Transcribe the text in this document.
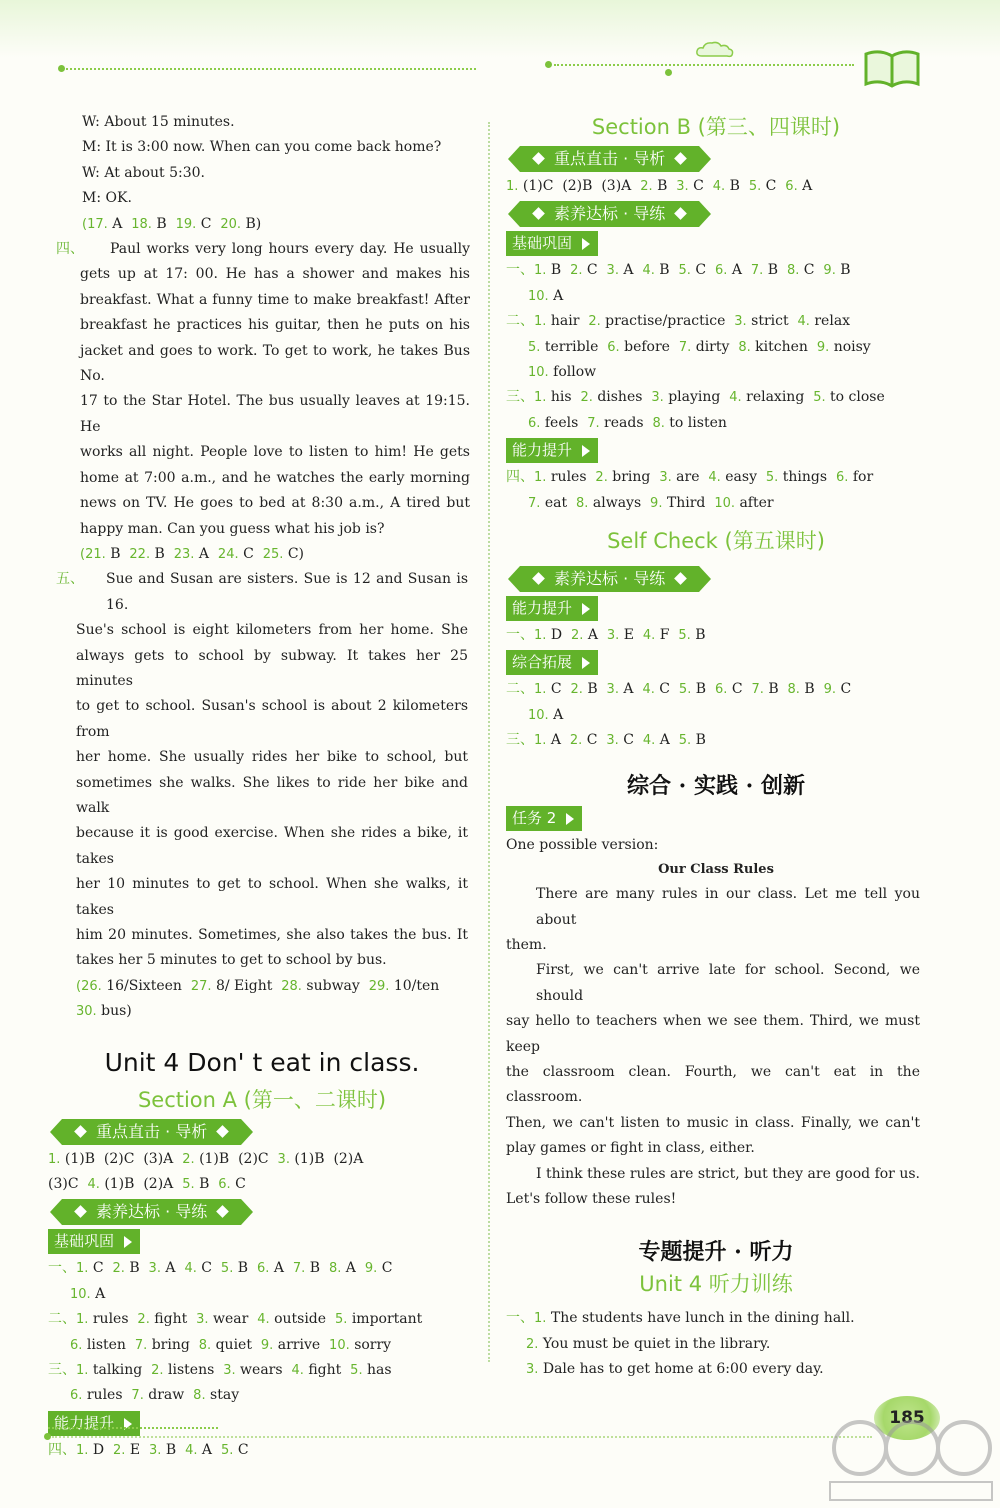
W: About 15 minutes.
M: It is 3:00 now. When can you come back home?
W: At about 5:30.
M: OK.
(17. A 18. B 19. C 20. B)
四、	Paul works very long hours every day. He usually
gets up at 17: 00. He has a shower and makes his
breakfast. What a funny time to make breakfast! After
breakfast he practices his guitar, then he puts on his
jacket and goes to work. To get to work, he takes Bus No.
17 to the Star Hotel. The bus usually leaves at 19:15. He
works all night. People love to listen to him! He gets
home at 7:00 a.m., and he watches the early morning
news on TV. He goes to bed at 8:30 a.m., A tired but
happy man. Can you guess what his job is?
(21. B 22. B 23. A 24. C 25. C)
五、	Sue and Susan are sisters. Sue is 12 and Susan is 16.
Sue's school is eight kilometers from her home. She
always gets to school by subway. It takes her 25 minutes
to get to school. Susan's school is about 2 kilometers from
her home. She usually rides her bike to school, but
sometimes she walks. She likes to ride her bike and walk
because it is good exercise. When she rides a bike, it takes
her 10 minutes to get to school. When she walks, it takes
him 20 minutes. Sometimes, she also takes the bus. It
takes her 5 minutes to get to school by bus.
(26. 16/Sixteen 27. 8/ Eight 28. subway 29. 10/ten
30. bus)
Unit 4 Don' t eat in class.
Section A (第一、二课时)
重点直击 · 导析
1. (1)B (2)C (3)A 2. (1)B (2)C 3. (1)B (2)A
(3)C 4. (1)B (2)A 5. B 6. C
素养达标 · 导练
基础巩固
一、1. C 2. B 3. A 4. C 5. B 6. A 7. B 8. A 9. C
10. A
二、1. rules 2. fight 3. wear 4. outside 5. important
6. listen 7. bring 8. quiet 9. arrive 10. sorry
三、1. talking 2. listens 3. wears 4. fight 5. has
6. rules 7. draw 8. stay
能力提升
四、1. D 2. E 3. B 4. A 5. C
Section B (第三、四课时)
重点直击 · 导析
1. (1)C (2)B (3)A 2. B 3. C 4. B 5. C 6. A
素养达标 · 导练
基础巩固
一、1. B 2. C 3. A 4. B 5. C 6. A 7. B 8. C 9. B
10. A
二、1. hair 2. practise/practice 3. strict 4. relax
5. terrible 6. before 7. dirty 8. kitchen 9. noisy
10. follow
三、1. his 2. dishes 3. playing 4. relaxing 5. to close
6. feels 7. reads 8. to listen
能力提升
四、1. rules 2. bring 3. are 4. easy 5. things 6. for
7. eat 8. always 9. Third 10. after
Self Check (第五课时)
素养达标 · 导练
能力提升
一、1. D 2. A 3. E 4. F 5. B
综合拓展
二、1. C 2. B 3. A 4. C 5. B 6. C 7. B 8. B 9. C
10. A
三、1. A 2. C 3. C 4. A 5. B
综合 · 实践 · 创新
任务 2
One possible version:
Our Class Rules
There are many rules in our class. Let me tell you about
them.
First, we can't arrive late for school. Second, we should
say hello to teachers when we see them. Third, we must keep
the classroom clean. Fourth, we can't eat in the classroom.
Then, we can't listen to music in class. Finally, we can't
play games or fight in class, either.
I think these rules are strict, but they are good for us.
Let's follow these rules!
专题提升 · 听力
Unit 4 听力训练
一、1. The students have lunch in the dining hall.
2. You must be quiet in the library.
3. Dale has to get home at 6:00 every day.
185
